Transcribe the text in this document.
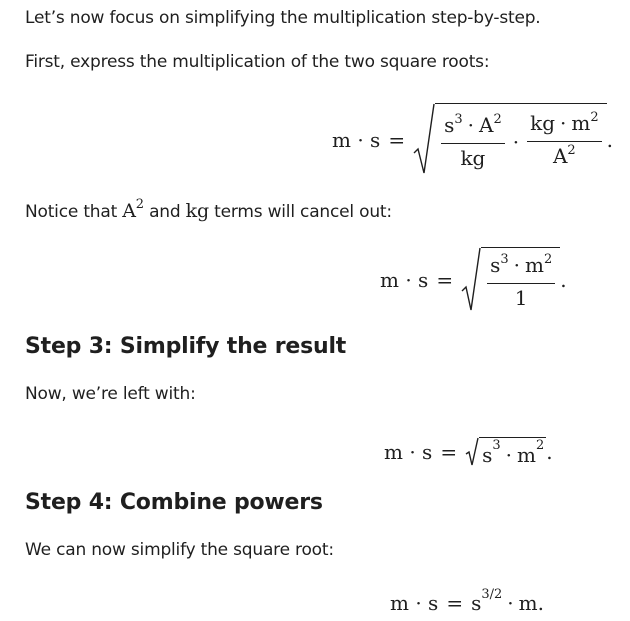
Let’s now focus on simplifying the multiplication step-by-step.
First, express the multiplication of the two square roots:
$m \cdot s = \frac{s^3 \cdot A^2}{kg} \cdot \frac{kg \cdot m^2}{A^2}$ .
Notice that $A^2$ and kg terms will cancel out:
$m \cdot s = \frac{s^3 \cdot m^2}{1}$ .
Step 3: Simplify the result
Now, we’re left with:
$m \cdot s = s^3 \cdot m^2$ .
Step 4: Combine powers
We can now simplify the square root:
$m \cdot s = s^{3/2} \cdot m$ .
